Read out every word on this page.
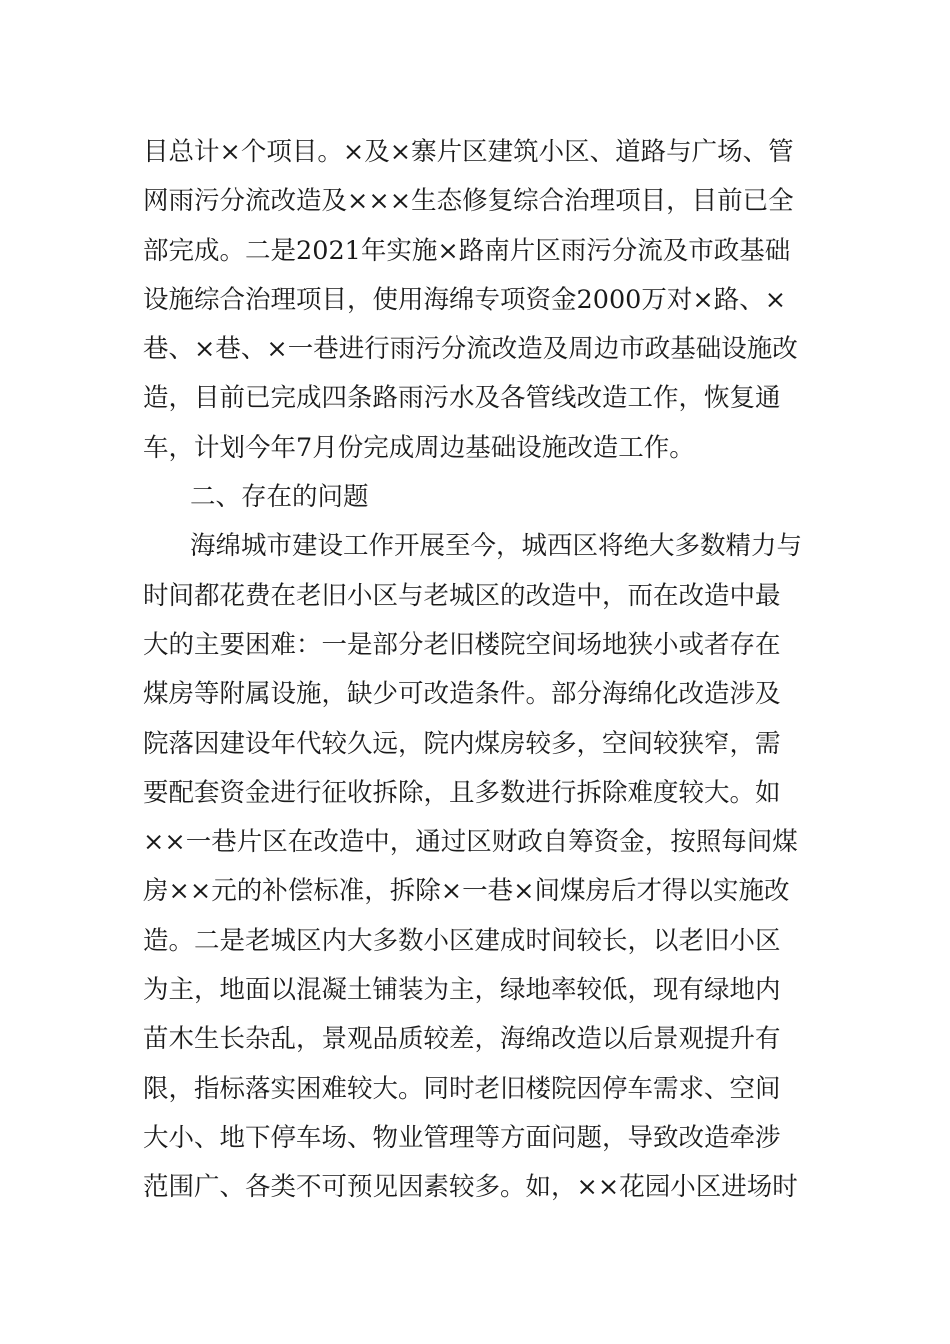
目总计×个项目。×及×寨片区建筑小区、道路与广场、管
网雨污分流改造及×××生态修复综合治理项目，目前已全
部完成。二是2021年实施×路南片区雨污分流及市政基础
设施综合治理项目，使用海绵专项资金2000万对×路、×
巷、×巷、×一巷进行雨污分流改造及周边市政基础设施改
造，目前已完成四条路雨污水及各管线改造工作，恢复通
车，计划今年7月份完成周边基础设施改造工作。
二、存在的问题
海绵城市建设工作开展至今，城西区将绝大多数精力与
时间都花费在老旧小区与老城区的改造中，而在改造中最
大的主要困难：一是部分老旧楼院空间场地狭小或者存在
煤房等附属设施，缺少可改造条件。部分海绵化改造涉及
院落因建设年代较久远，院内煤房较多，空间较狭窄，需
要配套资金进行征收拆除，且多数进行拆除难度较大。如
××一巷片区在改造中，通过区财政自筹资金，按照每间煤
房××元的补偿标准，拆除×一巷×间煤房后才得以实施改
造。二是老城区内大多数小区建成时间较长，以老旧小区
为主，地面以混凝土铺装为主，绿地率较低，现有绿地内
苗木生长杂乱，景观品质较差，海绵改造以后景观提升有
限，指标落实困难较大。同时老旧楼院因停车需求、空间
大小、地下停车场、物业管理等方面问题，导致改造牵涉
范围广、各类不可预见因素较多。如，××花园小区进场时
